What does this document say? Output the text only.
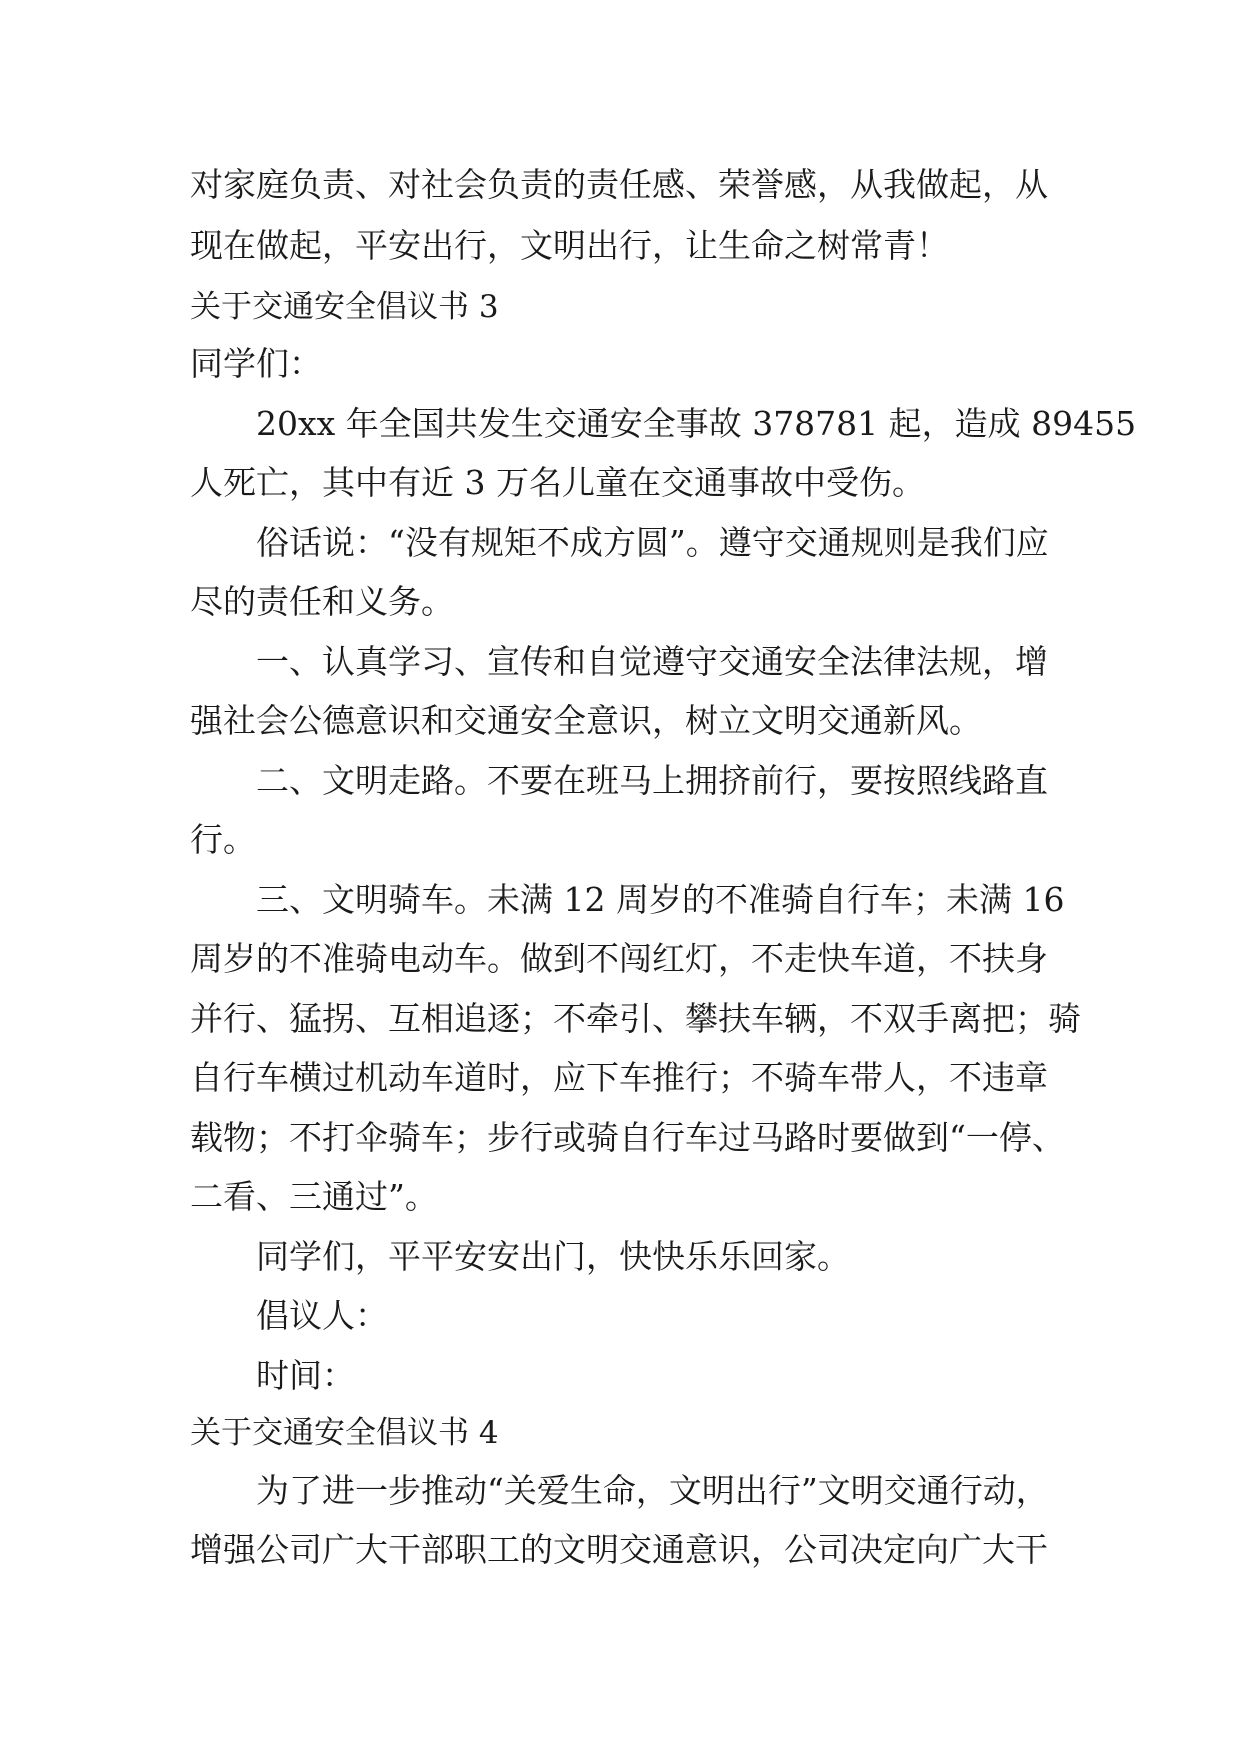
对家庭负责、对社会负责的责任感、荣誉感，从我做起，从
现在做起，平安出行，文明出行，让生命之树常青！
关于交通安全倡议书 3
同学们：
20xx 年全国共发生交通安全事故 378781 起，造成 89455
人死亡，其中有近 3 万名儿童在交通事故中受伤。
俗话说：“没有规矩不成方圆”。遵守交通规则是我们应
尽的责任和义务。
一、认真学习、宣传和自觉遵守交通安全法律法规，增
强社会公德意识和交通安全意识，树立文明交通新风。
二、文明走路。不要在班马上拥挤前行，要按照线路直
行。
三、文明骑车。未满 12 周岁的不准骑自行车；未满 16
周岁的不准骑电动车。做到不闯红灯，不走快车道，不扶身
并行、猛拐、互相追逐；不牵引、攀扶车辆，不双手离把；骑
自行车横过机动车道时，应下车推行；不骑车带人，不违章
载物；不打伞骑车；步行或骑自行车过马路时要做到“一停、
二看、三通过”。
同学们，平平安安出门，快快乐乐回家。
倡议人：
时间：
关于交通安全倡议书 4
为了进一步推动“关爱生命，文明出行”文明交通行动，
增强公司广大干部职工的文明交通意识，公司决定向广大干
